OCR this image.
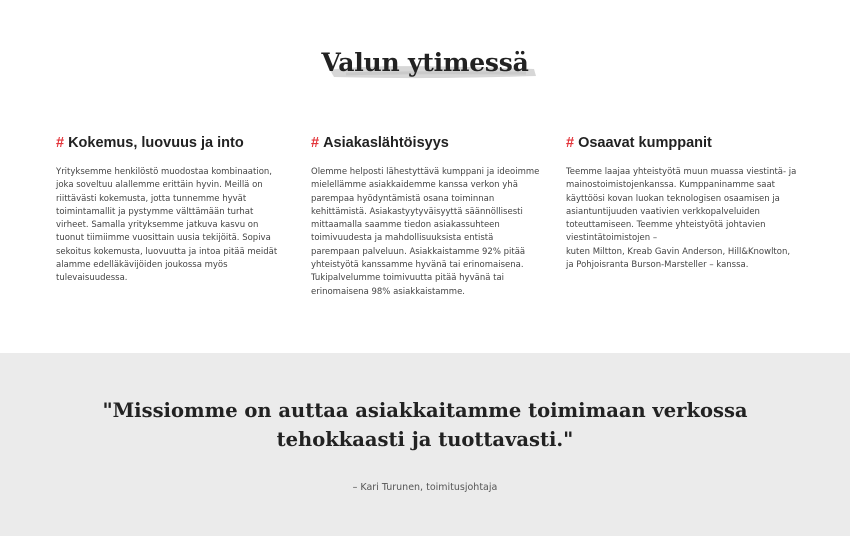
Valun ytimessä
# Kokemus, luovuus ja into

Yrityksemme henkilöstö muodostaa kombinaation, joka soveltuu alallemme erittäin hyvin. Meillä on riittävästi kokemusta, jotta tunnemme hyvät toimintamallit ja pystymme välttämään turhat virheet. Samalla yrityksemme jatkuva kasvu on tuonut tiimiimme vuosittain uusia tekijöitä. Sopiva sekoitus kokemusta, luovuutta ja intoa pitää meidät alamme edelläkävijöiden joukossa myös tulevaisuudessa.

# Asiakaslähtöisyys

Olemme helposti lähestyttävä kumppani ja ideoimme mielellämme asiakkaidemme kanssa verkon yhä parempaa hyödyntämistä osana toiminnan kehittämistä. Asiakastyytyväisyyttä säännöllisesti mittaamalla saamme tiedon asiakassuhteen toimivuudesta ja mahdollisuuksista entistä parempaan palveluun. Asiakkaistamme 92% pitää yhteistyötä kanssamme hyvänä tai erinomaisena. Tukipalvelumme toimivuutta pitää hyvänä tai erinomaisena 98% asiakkaistamme.

# Osaavat kumppanit

Teemme laajaa yhteistyötä muun muassa viestintä- ja mainostoimistojenkanssa. Kumppaninamme saat käyttöösi kovan luokan teknologisen osaamisen ja asiantuntijuuden vaativien verkkopalveluiden toteuttamiseen. Teemme yhteistyötä johtavien viestintätoimistojen –
kuten Miltton, Kreab Gavin Anderson, Hill&Knowlton, ja Pohjoisranta Burson-Marsteller – kanssa.

"Missiomme on auttaa asiakkaitamme toimimaan verkossa tehokkaasti ja tuottavasti."

– Kari Turunen, toimitusjohtaja
